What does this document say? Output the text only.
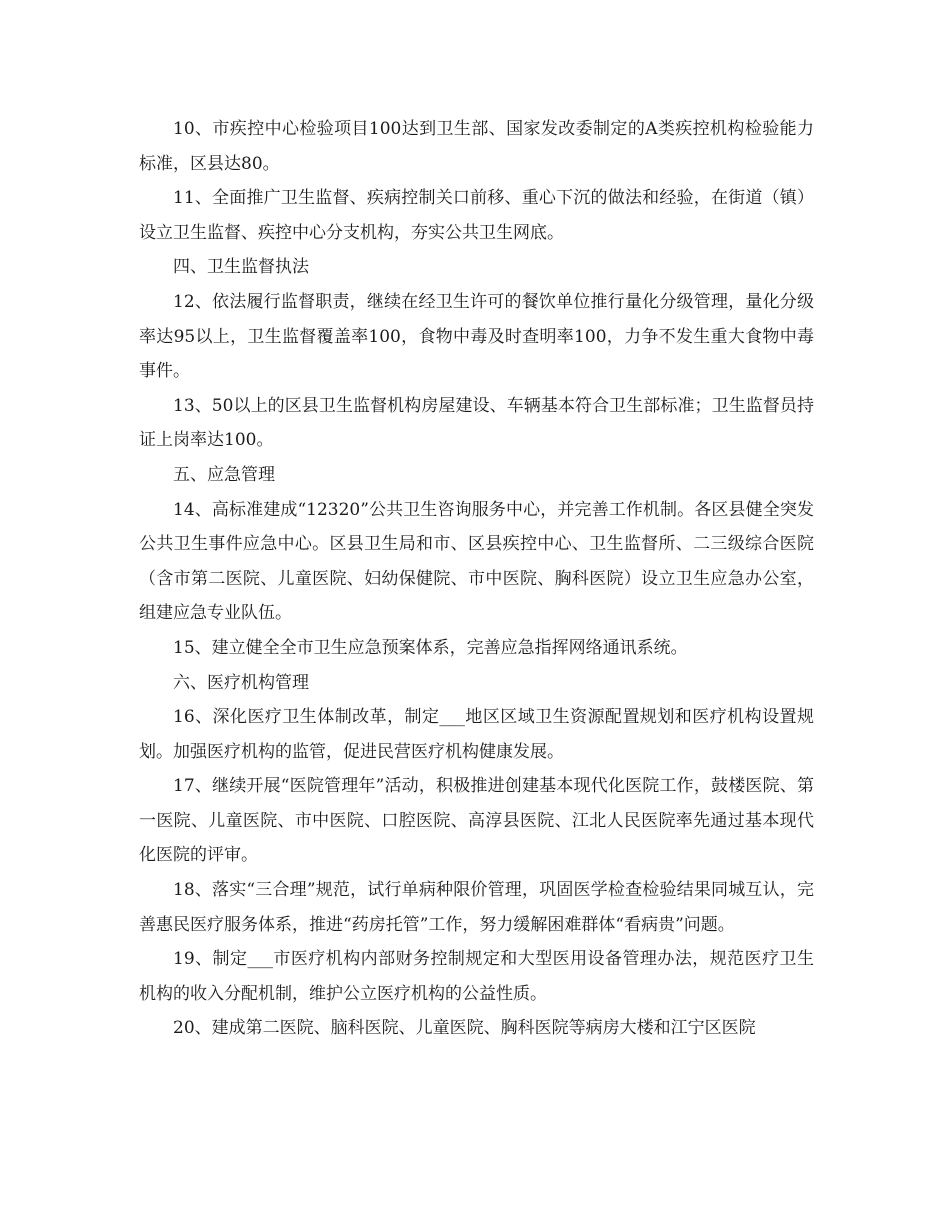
10、市疾控中心检验项目100达到卫生部、国家发改委制定的A类疾控机构检验能力标准，区县达80。

11、全面推广卫生监督、疾病控制关口前移、重心下沉的做法和经验，在街道（镇）设立卫生监督、疾控中心分支机构，夯实公共卫生网底。

四、卫生监督执法

12、依法履行监督职责，继续在经卫生许可的餐饮单位推行量化分级管理，量化分级率达95以上，卫生监督覆盖率100，食物中毒及时查明率100，力争不发生重大食物中毒事件。

13、50以上的区县卫生监督机构房屋建设、车辆基本符合卫生部标准；卫生监督员持证上岗率达100。

五、应急管理

14、高标准建成“12320”公共卫生咨询服务中心，并完善工作机制。各区县健全突发公共卫生事件应急中心。区县卫生局和市、区县疾控中心、卫生监督所、二三级综合医院（含市第二医院、儿童医院、妇幼保健院、市中医院、胸科医院）设立卫生应急办公室，组建应急专业队伍。

15、建立健全全市卫生应急预案体系，完善应急指挥网络通讯系统。

六、医疗机构管理

16、深化医疗卫生体制改革，制定___地区区域卫生资源配置规划和医疗机构设置规划。加强医疗机构的监管，促进民营医疗机构健康发展。

17、继续开展“医院管理年”活动，积极推进创建基本现代化医院工作，鼓楼医院、第一医院、儿童医院、市中医院、口腔医院、高淳县医院、江北人民医院率先通过基本现代化医院的评审。

18、落实“三合理”规范，试行单病种限价管理，巩固医学检查检验结果同城互认，完善惠民医疗服务体系，推进“药房托管”工作，努力缓解困难群体“看病贵”问题。

19、制定___市医疗机构内部财务控制规定和大型医用设备管理办法，规范医疗卫生机构的收入分配机制，维护公立医疗机构的公益性质。

20、建成第二医院、脑科医院、儿童医院、胸科医院等病房大楼和江宁区医院
